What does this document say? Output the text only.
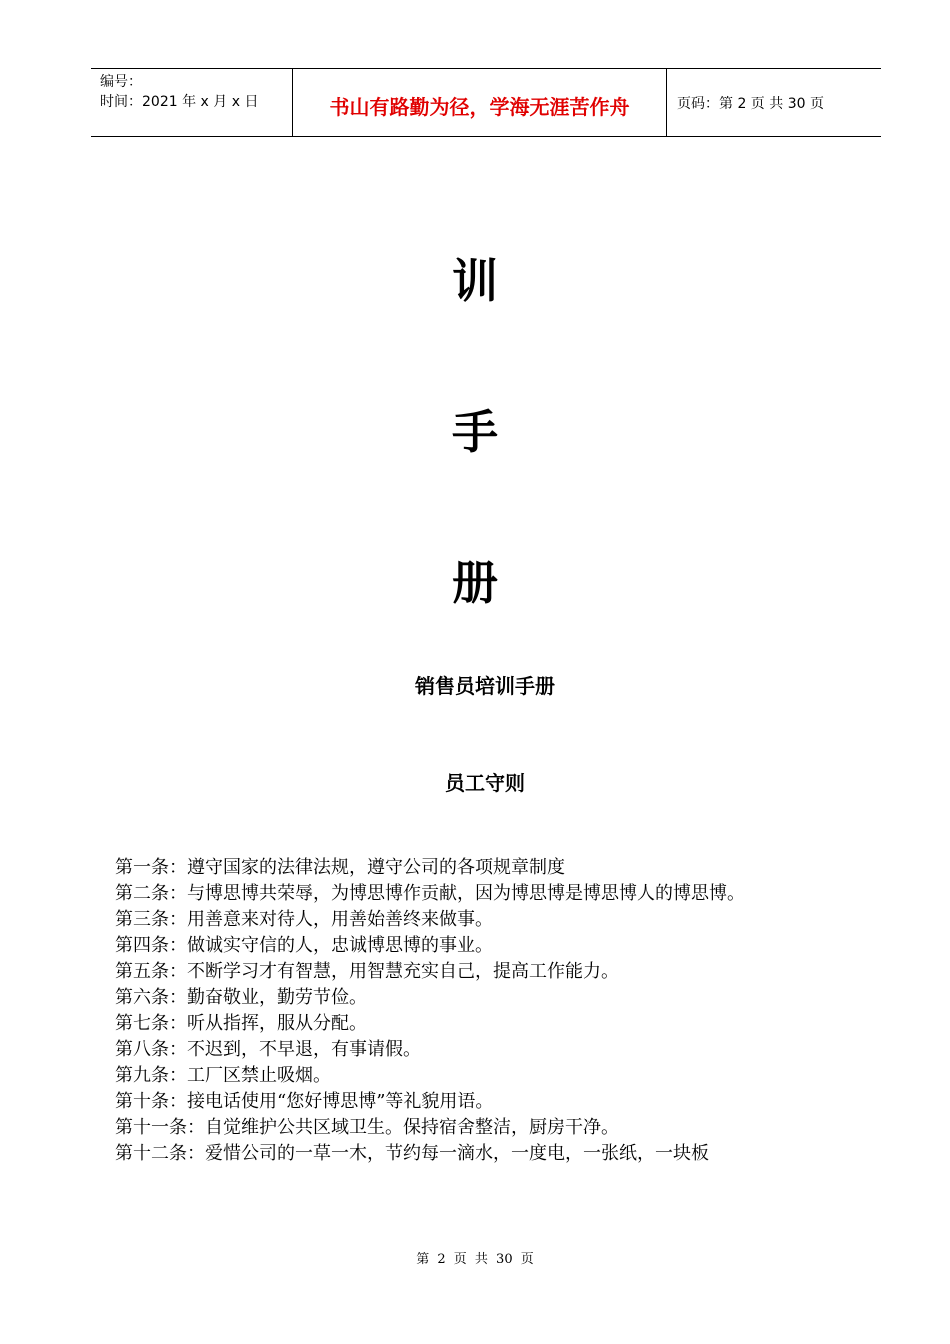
编号：
时间：2021 年 x 月 x 日	书山有路勤为径，学海无涯苦作舟	页码：第 2 页 共 30 页
训
手
册
销售员培训手册
员工守则
第一条：遵守国家的法律法规，遵守公司的各项规章制度
第二条：与博思博共荣辱，为博思博作贡献，因为博思博是博思博人的博思博。
第三条：用善意来对待人，用善始善终来做事。
第四条：做诚实守信的人，忠诚博思博的事业。
第五条：不断学习才有智慧，用智慧充实自己，提高工作能力。
第六条：勤奋敬业，勤劳节俭。
第七条：听从指挥，服从分配。
第八条：不迟到，不早退，有事请假。
第九条：工厂区禁止吸烟。
第十条：接电话使用“您好博思博”等礼貌用语。
第十一条：自觉维护公共区域卫生。保持宿舍整洁，厨房干净。
第十二条：爱惜公司的一草一木，节约每一滴水，一度电，一张纸，一块板
第 2 页 共 30 页
